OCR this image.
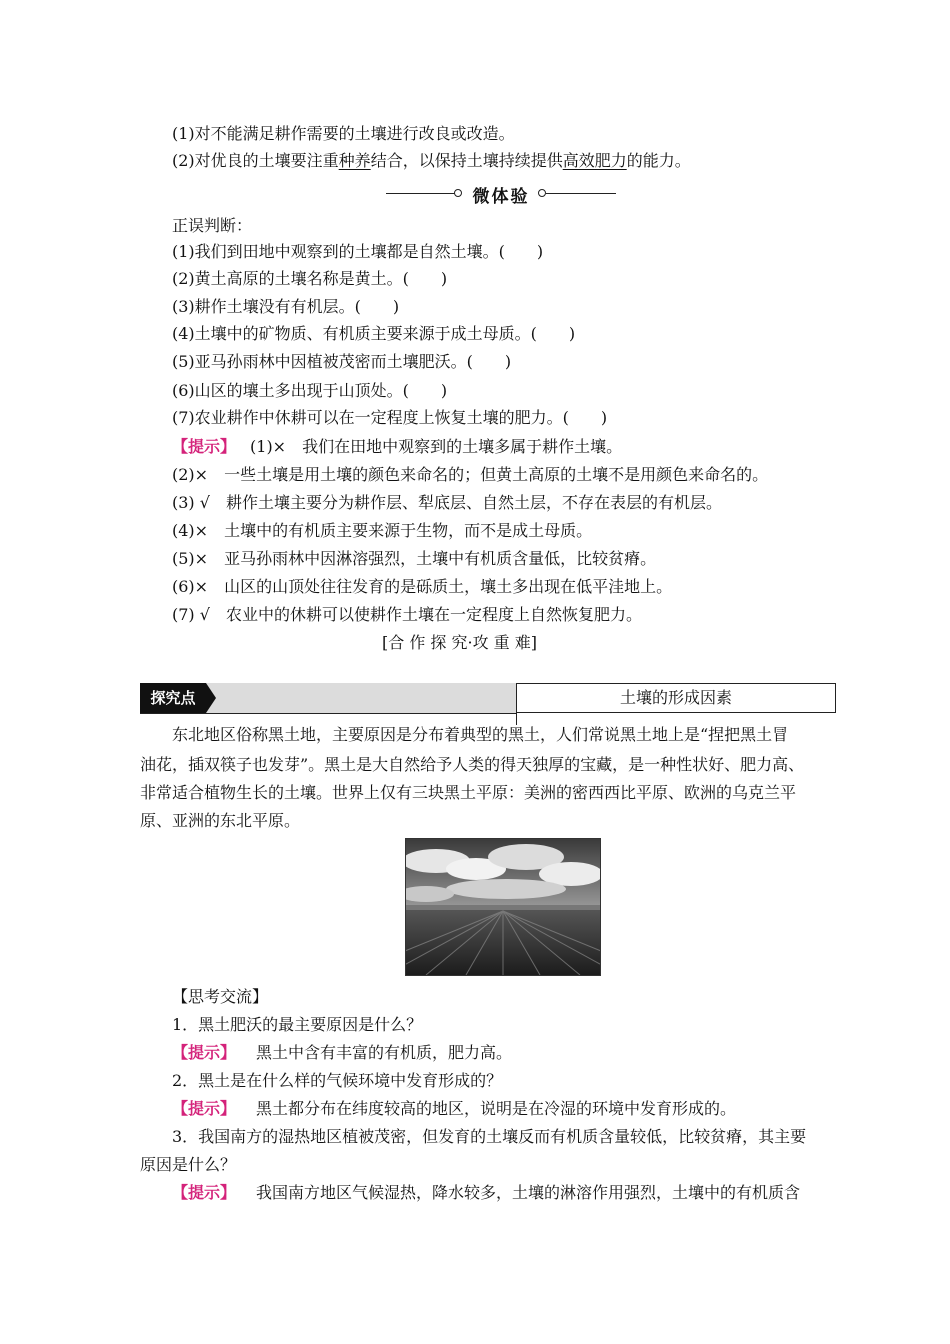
(1)对不能满足耕作需要的土壤进行改良或改造。
(2)对优良的土壤要注重种养结合，以保持土壤持续提供高效肥力的能力。
微体验
正误判断：
(1)我们到田地中观察到的土壤都是自然土壤。(　　)
(2)黄土高原的土壤名称是黄土。(　　)
(3)耕作土壤没有有机层。(　　)
(4)土壤中的矿物质、有机质主要来源于成土母质。(　　)
(5)亚马孙雨林中因植被茂密而土壤肥沃。(　　)
(6)山区的壤土多出现于山顶处。(　　)
(7)农业耕作中休耕可以在一定程度上恢复土壤的肥力。(　　)
【提示】 (1)×　我们在田地中观察到的土壤多属于耕作土壤。
(2)×　一些土壤是用土壤的颜色来命名的；但黄土高原的土壤不是用颜色来命名的。
(3) √　耕作土壤主要分为耕作层、犁底层、自然土层，不存在表层的有机层。
(4)×　土壤中的有机质主要来源于生物，而不是成土母质。
(5)×　亚马孙雨林中因淋溶强烈，土壤中有机质含量低，比较贫瘠。
(6)×　山区的山顶处往往发育的是砾质土，壤土多出现在低平洼地上。
(7) √　农业中的休耕可以使耕作土壤在一定程度上自然恢复肥力。
[合 作 探 究·攻 重 难]
探究点	土壤的形成因素
东北地区俗称黑土地，主要原因是分布着典型的黑土，人们常说黑土地上是“捏把黑土冒
油花，插双筷子也发芽”。黑土是大自然给予人类的得天独厚的宝藏，是一种性状好、肥力高、
非常适合植物生长的土壤。世界上仅有三块黑土平原：美洲的密西西比平原、欧洲的乌克兰平
原、亚洲的东北平原。
【思考交流】
1．黑土肥沃的最主要原因是什么？
【提示】 黑土中含有丰富的有机质，肥力高。
2．黑土是在什么样的气候环境中发育形成的？
【提示】 黑土都分布在纬度较高的地区，说明是在冷湿的环境中发育形成的。
3．我国南方的湿热地区植被茂密，但发育的土壤反而有机质含量较低，比较贫瘠，其主要
原因是什么？
【提示】 我国南方地区气候湿热，降水较多，土壤的淋溶作用强烈，土壤中的有机质含
